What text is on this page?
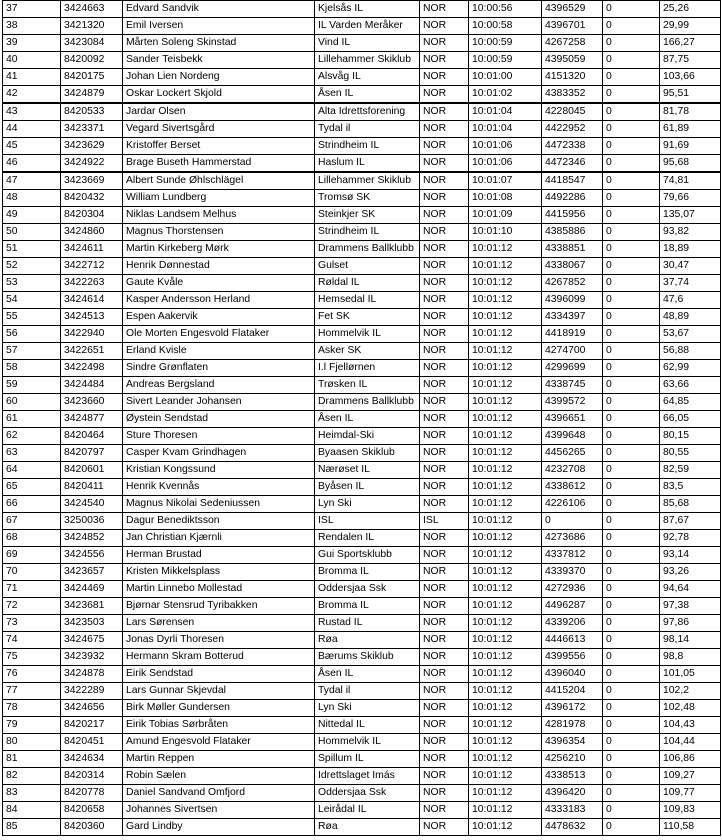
37	3424663	Edvard Sandvik	Kjelsås IL	NOR	10:00:56	4396529	0	25,26
38	3421320	Emil Iversen	IL Varden Meråker	NOR	10:00:58	4396701	0	29,99
39	3423084	Mårten Soleng Skinstad	Vind IL	NOR	10:00:59	4267258	0	166,27
40	8420092	Sander Teisbekk	Lillehammer Skiklub	NOR	10:00:59	4395059	0	87,75
41	8420175	Johan Lien Nordeng	Alsvåg IL	NOR	10:01:00	4151320	0	103,66
42	3424879	Oskar Lockert Skjold	Åsen IL	NOR	10:01:02	4383352	0	95,51
43	8420533	Jardar Olsen	Alta Idrettsforening	NOR	10:01:04	4228045	0	81,78
44	3423371	Vegard Sivertsgård	Tydal il	NOR	10:01:04	4422952	0	61,89
45	3423629	Kristoffer Berset	Strindheim IL	NOR	10:01:06	4472338	0	91,69
46	3424922	Brage Buseth Hammerstad	Haslum IL	NOR	10:01:06	4472346	0	95,68
47	3423669	Albert Sunde Øhlschlägel	Lillehammer Skiklub	NOR	10:01:07	4418547	0	74,81
48	8420432	William Lundberg	Tromsø SK	NOR	10:01:08	4492286	0	79,66
49	8420304	Niklas Landsem Melhus	Steinkjer SK	NOR	10:01:09	4415956	0	135,07
50	3424860	Magnus Thorstensen	Strindheim IL	NOR	10:01:10	4385886	0	93,82
51	3424611	Martin Kirkeberg Mørk	Drammens Ballklubb	NOR	10:01:12	4338851	0	18,89
52	3422712	Henrik Dønnestad	Gulset	NOR	10:01:12	4338067	0	30,47
53	3422263	Gaute Kvåle	Røldal IL	NOR	10:01:12	4267852	0	37,74
54	3424614	Kasper Andersson Herland	Hemsedal IL	NOR	10:01:12	4396099	0	47,6
55	3424513	Espen Aakervik	Fet SK	NOR	10:01:12	4334397	0	48,89
56	3422940	Ole Morten Engesvold Flataker	Hommelvik IL	NOR	10:01:12	4418919	0	53,67
57	3422651	Erland Kvisle	Asker SK	NOR	10:01:12	4274700	0	56,88
58	3422498	Sindre Grønflaten	I.l Fjellørnen	NOR	10:01:12	4299699	0	62,99
59	3424484	Andreas Bergsland	Trøsken IL	NOR	10:01:12	4338745	0	63,66
60	3423660	Sivert Leander Johansen	Drammens Ballklubb	NOR	10:01:12	4399572	0	64,85
61	3424877	Øystein Sendstad	Åsen IL	NOR	10:01:12	4396651	0	66,05
62	8420464	Sture Thoresen	Heimdal-Ski	NOR	10:01:12	4399648	0	80,15
63	8420797	Casper Kvam Grindhagen	Byaasen Skiklub	NOR	10:01:12	4456265	0	80,55
64	8420601	Kristian Kongssund	Nærøset IL	NOR	10:01:12	4232708	0	82,59
65	8420411	Henrik Kvennås	Byåsen IL	NOR	10:01:12	4338612	0	83,5
66	3424540	Magnus Nikolai Sedeniussen	Lyn Ski	NOR	10:01:12	4226106	0	85,68
67	3250036	Dagur Benediktsson	ISL	ISL	10:01:12	0	0	87,67
68	3424852	Jan Christian Kjærnli	Rendalen IL	NOR	10:01:12	4273686	0	92,78
69	3424556	Herman Brustad	Gui Sportsklubb	NOR	10:01:12	4337812	0	93,14
70	3423657	Kristen Mikkelsplass	Bromma IL	NOR	10:01:12	4339370	0	93,26
71	3424469	Martin Linnebo Mollestad	Oddersjaa Ssk	NOR	10:01:12	4272936	0	94,64
72	3423681	Bjørnar Stensrud Tyribakken	Bromma IL	NOR	10:01:12	4496287	0	97,38
73	3423503	Lars Sørensen	Rustad IL	NOR	10:01:12	4339206	0	97,86
74	3424675	Jonas Dyrli Thoresen	Røa	NOR	10:01:12	4446613	0	98,14
75	3423932	Hermann Skram Botterud	Bærums Skiklub	NOR	10:01:12	4399556	0	98,8
76	3424878	Eirik Sendstad	Åsen IL	NOR	10:01:12	4396040	0	101,05
77	3422289	Lars Gunnar Skjevdal	Tydal il	NOR	10:01:12	4415204	0	102,2
78	3424656	Birk Møller Gundersen	Lyn Ski	NOR	10:01:12	4396172	0	102,48
79	8420217	Eirik Tobias Sørbråten	Nittedal IL	NOR	10:01:12	4281978	0	104,43
80	8420451	Amund Engesvold Flataker	Hommelvik IL	NOR	10:01:12	4396354	0	104,44
81	3424634	Martin Reppen	Spillum IL	NOR	10:01:12	4256210	0	106,86
82	8420314	Robin Sælen	Idrettslaget Imás	NOR	10:01:12	4338513	0	109,27
83	8420778	Daniel Sandvand Omfjord	Oddersjaa Ssk	NOR	10:01:12	4396420	0	109,77
84	8420658	Johannes Sivertsen	Leirådal IL	NOR	10:01:12	4333183	0	109,83
85	8420360	Gard Lindby	Røa	NOR	10:01:12	4478632	0	110,58
